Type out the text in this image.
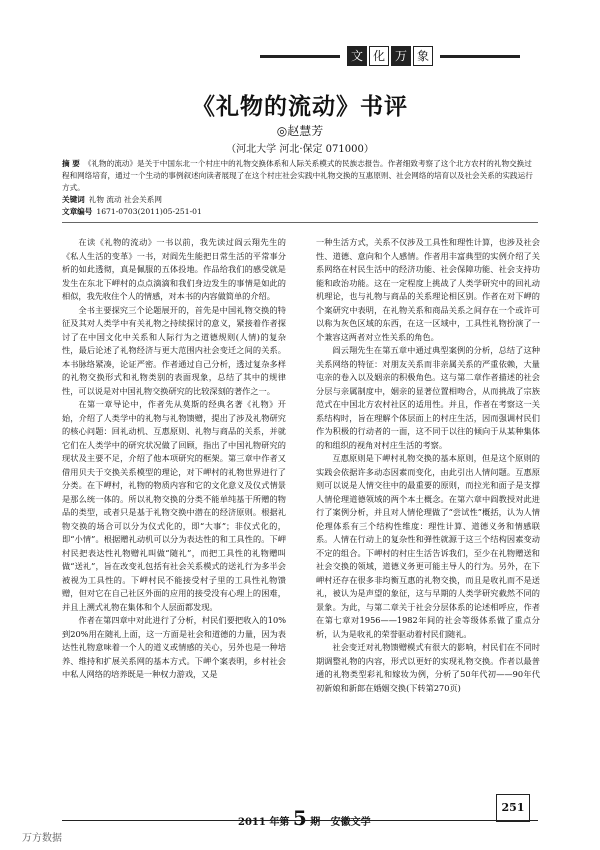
文 化 万 象
《礼物的流动》书评
◎赵慧芳
（河北大学 河北·保定 071000）

摘 要 《礼物的流动》是关于中国东北一个村庄中的礼物交换体系和人际关系模式的民族志报告。作者细致考察了这个北方农村的礼物交换过程和网络培育，通过一个生动的事例叙述向读者展现了在这个村庄社会实践中礼物交换的互惠原则、社会网络的培育以及社会关系的实践运行方式。

关键词 礼物 流动 社会关系网

文章编号 1671-0703(2011)05-251-01

在读《礼物的流动》一书以前，我先读过阎云翔先生的《私人生活的变革》一书，对阎先生能把日常生活的平常事分析的如此透彻，真是佩服的五体投地。作品给我们的感受就是发生在东北下岬村的点点滴滴和我们身边发生的事情是如此的相似，我先收住个人的情感，对本书的内容做简单的介绍。

全书主要探究三个论题展开的，首先是中国礼物交换的特征及其对人类学中有关礼物之持续探讨的意义，紧接着作者探讨了在中国文化中关系和人际行为之道德规则(人情)的复杂性，最后论述了礼物经济与更大范围内社会变迁之间的关系。本书脉络紧凑，论证严密。作者通过自己分析，透过复杂多样的礼物交换形式和礼物类别的表面现象，总结了其中的规律性，可以说是对中国礼物交换研究的比较深刻的著作之一。

在第一章导论中，作者先从莫斯的经典名著《礼物》开始，介绍了人类学中的礼物与礼物馈赠，提出了涉及礼物研究的核心问题：回礼动机、互惠原则、礼物与商品的关系，并就它们在人类学中的研究状况做了回顾，指出了中国礼物研究的现状及主要不足，介绍了他本项研究的框架。第三章中作者又借用贝夫于交换关系模型的理论，对下岬村的礼物世界进行了分类。在下岬村，礼物的物质内容和它的文化意义及仪式情景是那么统一体的。所以礼物交换的分类不能单纯基于所赠的物品的类型，或者只是基于礼物交换中潜在的经济原则。根据礼物交换的场合可以分为仪式化的，即“大事”；非仪式化的，即“小情”。根据赠礼动机可以分为表达性的和工具性的。下岬村民把表达性礼物赠礼叫做“随礼”，而把工具性的礼物赠叫做“送礼”，旨在改变礼包括有社会关系模式的送礼行为多半会被视为工具性的。下岬村民不能接受村子里的工具性礼物馈赠，但对它在自己社区外面的应用的接受没有心理上的困难，并且上溯式礼物在集体和个人层面都发现。

作者在第四章中对此进行了分析，村民们要把收入的10%到20%用在随礼上面，这一方面是社会和道德的力量，因为表达性礼物意味着一个人的道义或情感的关心，另外也是一种培养、维持和扩展关系网的基本方式。下岬个案表明，乡村社会中私人网络的培养既是一种权力游戏，又是

一种生活方式，关系不仅涉及工具性和理性计算，也涉及社会性、道德、意向和个人感情。作者用丰富典型的实例介绍了关系网络在村民生活中的经济功能、社会保障功能、社会支持功能和政治功能。这在一定程度上挑战了人类学研究中的回礼动机理论，也与礼物与商品的关系理论相区别。作者在对下岬的个案研究中表明，在礼物关系和商品关系之间存在一个或许可以称为灰色区域的东西，在这一区域中，工具性礼物扮演了一个兼容这两者对立性关系的角色。

阎云翔先生在第五章中通过典型案例的分析，总结了这种关系网络的特征：对朋友关系而非亲属关系的严重依赖，大量屯亲的卷入以及姻亲的积极角色。这与第二章作者描述的社会分层与亲属制度中，姻亲的显著位置相吻合，从而挑战了宗族范式在中国北方农村社区的适用性。并且，作者在考察这一关系结构时，旨在理解个体层面上的村庄生活，因而强调村民们作为积极的行动者的一面，这不同于以往的倾向于从某种集体的和组织的视角对村庄生活的考察。

互惠原则是下岬村礼物交换的基本原则，但是这个原则的实践会依据许多动态因素而变化，由此引出人情问题。互惠原则可以说是人情交往中的最重要的原则，而拉光和面子是支撑人情伦理道德领域的两个本土概念。在第六章中阎教授对此进行了案例分析，并且对人情伦理做了“尝试性”概括，认为人情伦理体系有三个结构性维度：理性计算、道德义务和情感联系。人情在行动上的复杂性和弹性就源于这三个结构因素变动不定的组合。下岬村的村庄生活告诉我们，至少在礼物赠送和社会交换的领域，道德义务更可能主导人的行为。另外，在下岬村还存在很多非均衡互惠的礼物交换，而且是收礼而不是送礼，被认为是声望的象征，这与早期的人类学研究截然不同的景象。为此，与第二章关于社会分层体系的论述相呼应，作者在第七章对1956——1982年间的社会等级体系做了重点分析，认为是收礼的荣誉驱动着村民们随礼。

社会变迁对礼物馈赠模式有很大的影响，村民们在不同时期调整礼物的内容，形式以更好的实现礼物交换。作者以最普通的礼物类型彩礼和嫁妆为例，分析了50年代初——90年代初新娘和新郎在婚姻交换(下转第270页)

2011 年第 5 期 安徽文学
251
万方数据
